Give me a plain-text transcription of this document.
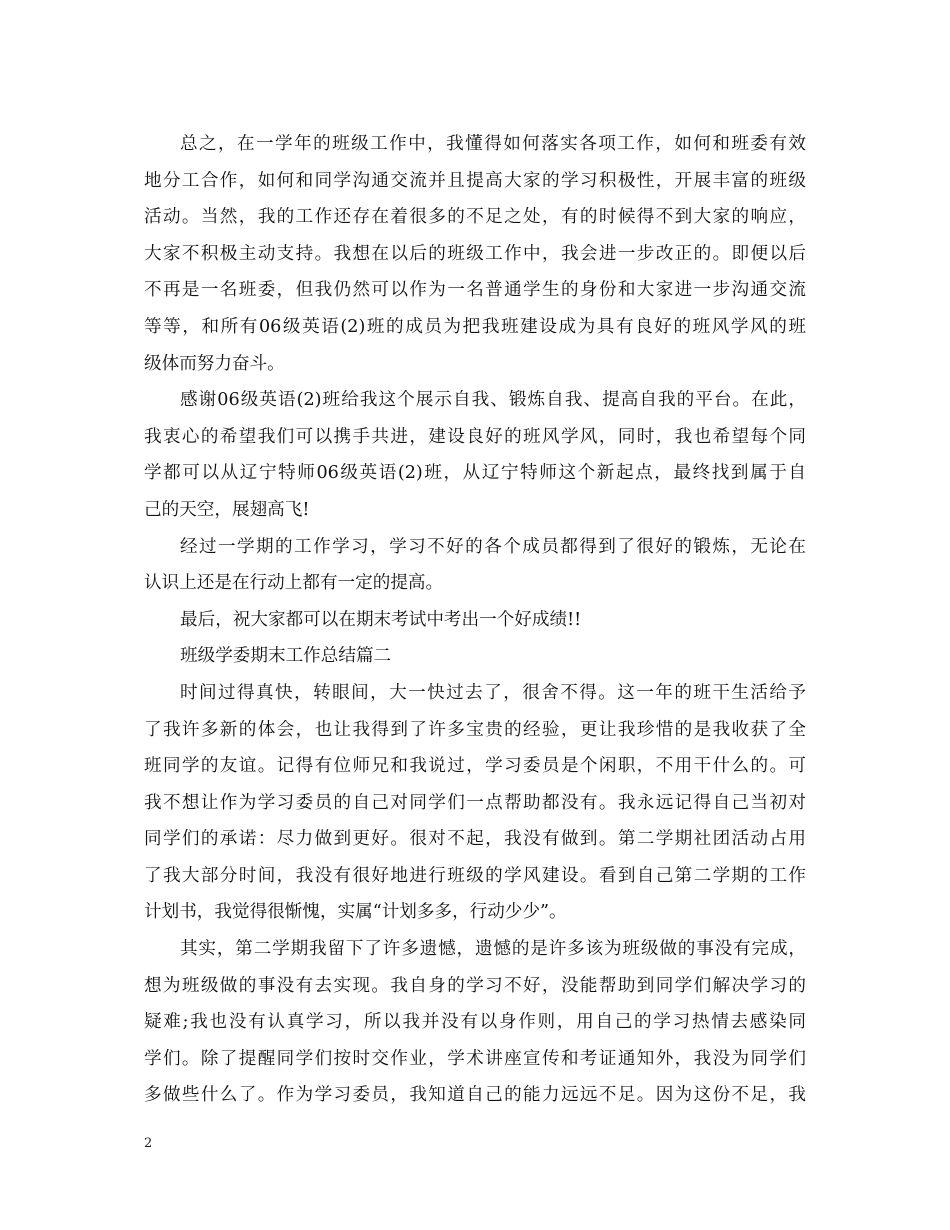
总之，在一学年的班级工作中，我懂得如何落实各项工作，如何和班委有效
地分工合作，如何和同学沟通交流并且提高大家的学习积极性，开展丰富的班级
活动。当然，我的工作还存在着很多的不足之处，有的时候得不到大家的响应，
大家不积极主动支持。我想在以后的班级工作中，我会进一步改正的。即便以后
不再是一名班委，但我仍然可以作为一名普通学生的身份和大家进一步沟通交流
等等，和所有06级英语(2)班的成员为把我班建设成为具有良好的班风学风的班
级体而努力奋斗。
感谢06级英语(2)班给我这个展示自我、锻炼自我、提高自我的平台。在此，
我衷心的希望我们可以携手共进，建设良好的班风学风，同时，我也希望每个同
学都可以从辽宁特师06级英语(2)班，从辽宁特师这个新起点，最终找到属于自
己的天空，展翅高飞!
经过一学期的工作学习，学习不好的各个成员都得到了很好的锻炼，无论在
认识上还是在行动上都有一定的提高。
最后，祝大家都可以在期末考试中考出一个好成绩!!
班级学委期末工作总结篇二
时间过得真快，转眼间，大一快过去了，很舍不得。这一年的班干生活给予
了我许多新的体会，也让我得到了许多宝贵的经验，更让我珍惜的是我收获了全
班同学的友谊。记得有位师兄和我说过，学习委员是个闲职，不用干什么的。可
我不想让作为学习委员的自己对同学们一点帮助都没有。我永远记得自己当初对
同学们的承诺：尽力做到更好。很对不起，我没有做到。第二学期社团活动占用
了我大部分时间，我没有很好地进行班级的学风建设。看到自己第二学期的工作
计划书，我觉得很惭愧，实属“计划多多，行动少少”。
其实，第二学期我留下了许多遗憾，遗憾的是许多该为班级做的事没有完成，
想为班级做的事没有去实现。我自身的学习不好，没能帮助到同学们解决学习的
疑难;我也没有认真学习，所以我并没有以身作则，用自己的学习热情去感染同
学们。除了提醒同学们按时交作业，学术讲座宣传和考证通知外，我没为同学们
多做些什么了。作为学习委员，我知道自己的能力远远不足。因为这份不足，我
2
